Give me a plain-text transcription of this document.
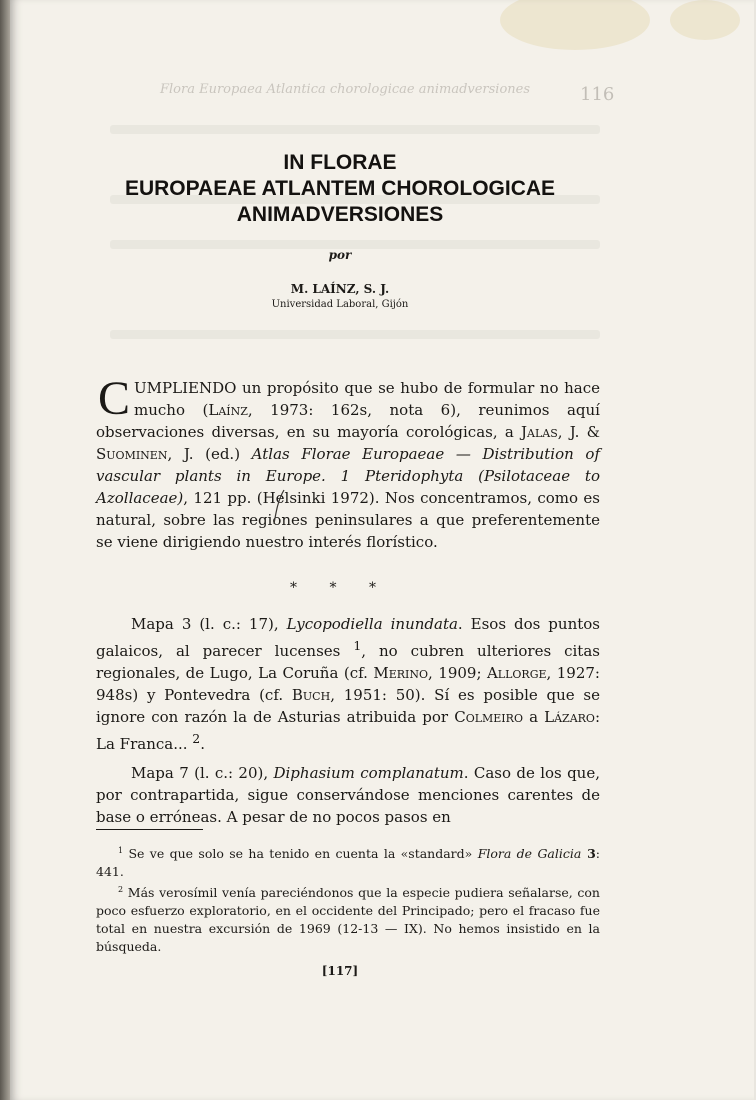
Flora Europaea Atlantica chorologicae animadversiones	116
IN FLORAE
EUROPAEAE ATLANTEM CHOROLOGICAE
ANIMADVERSIONES
por
M. LAÍNZ, S. J.
Universidad Laboral, Gijón
CUMPLIENDO un propósito que se hubo de formular no hace mucho (Laínz, 1973: 162s, nota 6), reunimos aquí observaciones diversas, en su mayoría corológicas, a Jalas, J. & Suominen, J. (ed.) Atlas Florae Europaeae — Distribution of vascular plants in Europe. 1 Pteridophyta (Psilotaceae to Azollaceae), 121 pp. (Helsinki 1972). Nos concentramos, como es natural, sobre las regiones peninsulares a que preferentemente se viene dirigiendo nuestro interés florístico.
* * *
Mapa 3 (l. c.: 17), Lycopodiella inundata. Esos dos puntos galaicos, al parecer lucenses $^1$, no cubren ulteriores citas regionales, de Lugo, La Coruña (cf. Merino, 1909; Allorge, 1927: 948s) y Pontevedra (cf. Buch, 1951: 50). Sí es posible que se ignore con razón la de Asturias atribuida por Colmeiro a Lázaro: La Franca... $^2$.
Mapa 7 (l. c.: 20), Diphasium complanatum. Caso de los que, por contrapartida, sigue conservándose menciones carentes de base o erróneas. A pesar de no pocos pasos en

$^1$ Se ve que solo se ha tenido en cuenta la «standard» Flora de Galicia 3: 441.

$^2$ Más verosímil venía pareciéndonos que la especie pudiera señalarse, con poco esfuerzo exploratorio, en el occidente del Principado; pero el fracaso fue total en nuestra excursión de 1969 (12-13 — IX). No hemos insistido en la búsqueda.

[117]
